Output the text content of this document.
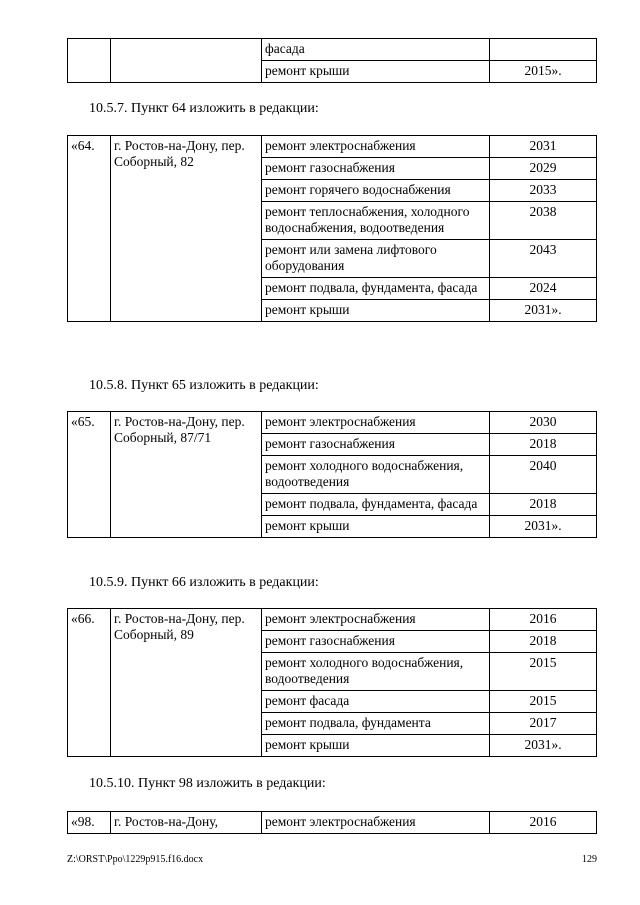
		фасада	
		ремонт крыши	2015».
10.5.7. Пункт 64 изложить в редакции:
«64.	г. Ростов-на-Дону, пер. Соборный, 82	ремонт электроснабжения	2031
		ремонт газоснабжения	2029
		ремонт горячего водоснабжения	2033
		ремонт теплоснабжения, холодного водоснабжения, водоотведения	2038
		ремонт или замена лифтового оборудования	2043
		ремонт подвала, фундамента, фасада	2024
		ремонт крыши	2031».
10.5.8. Пункт 65 изложить в редакции:
«65.	г. Ростов-на-Дону, пер. Соборный, 87/71	ремонт электроснабжения	2030
		ремонт газоснабжения	2018
		ремонт холодного водоснабжения, водоотведения	2040
		ремонт подвала, фундамента, фасада	2018
		ремонт крыши	2031».
10.5.9. Пункт 66 изложить в редакции:
«66.	г. Ростов-на-Дону, пер. Соборный, 89	ремонт электроснабжения	2016
		ремонт газоснабжения	2018
		ремонт холодного водоснабжения, водоотведения	2015
		ремонт фасада	2015
		ремонт подвала, фундамента	2017
		ремонт крыши	2031».
10.5.10. Пункт 98 изложить в редакции:
«98.	г. Ростов-на-Дону,	ремонт электроснабжения	2016
Z:\ORST\Ppo\1229p915.f16.docx	129
